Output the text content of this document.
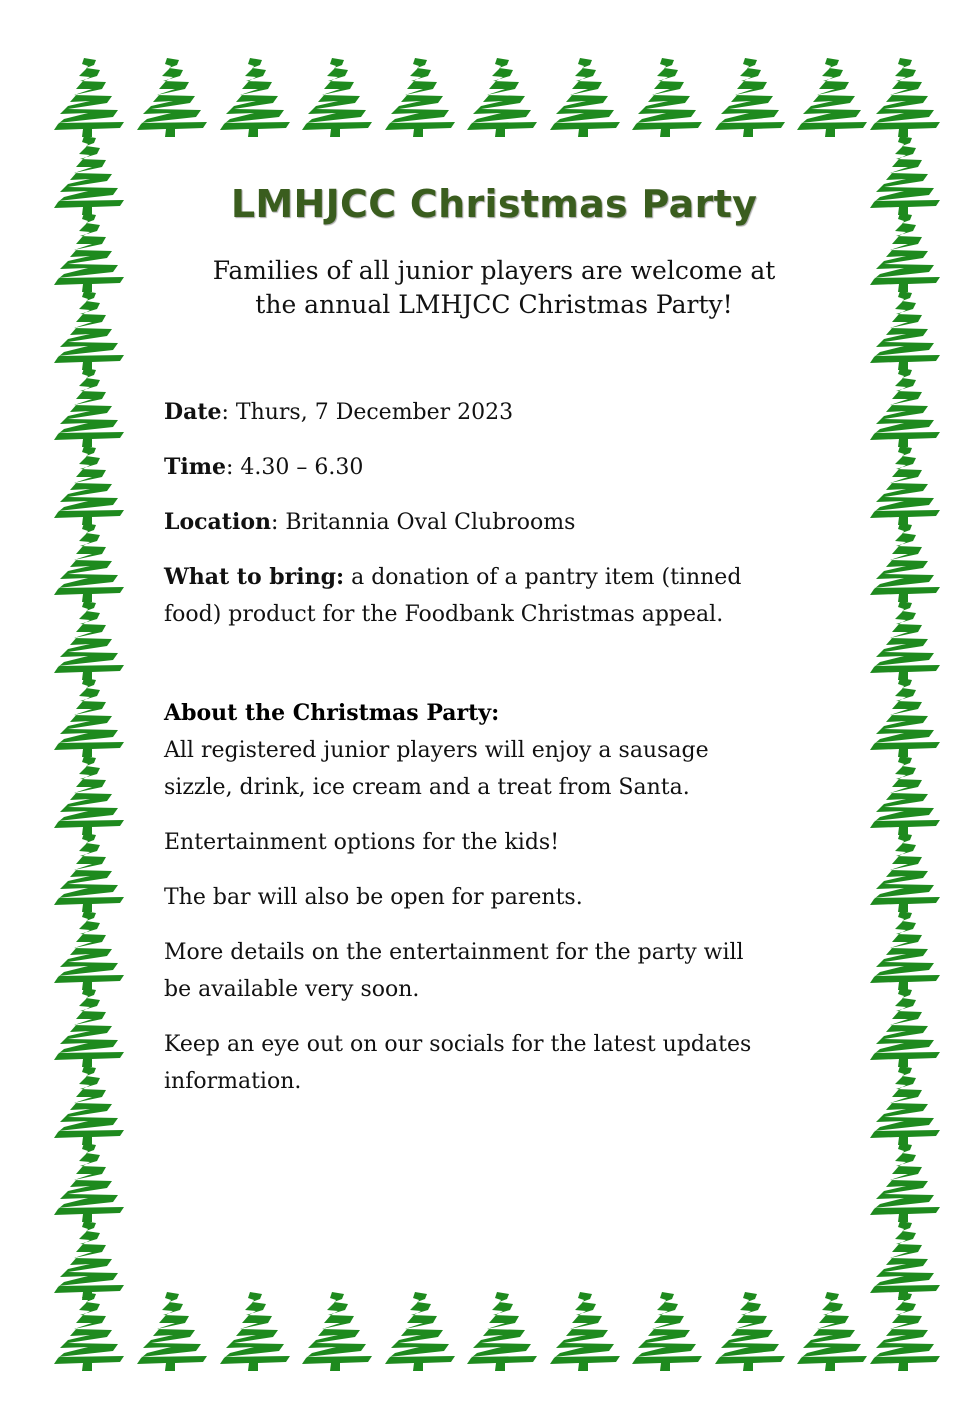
LMHJCC Christmas Party

Families of all junior players are welcome at
the annual LMHJCC Christmas Party!

Date: Thurs, 7 December 2023

Time: 4.30 – 6.30

Location: Britannia Oval Clubrooms

What to bring: a donation of a pantry item (tinned
food) product for the Foodbank Christmas appeal.

About the Christmas Party:

All registered junior players will enjoy a sausage
sizzle, drink, ice cream and a treat from Santa.

Entertainment options for the kids!

The bar will also be open for parents.

More details on the entertainment for the party will
be available very soon.

Keep an eye out on our socials for the latest updates
information.
